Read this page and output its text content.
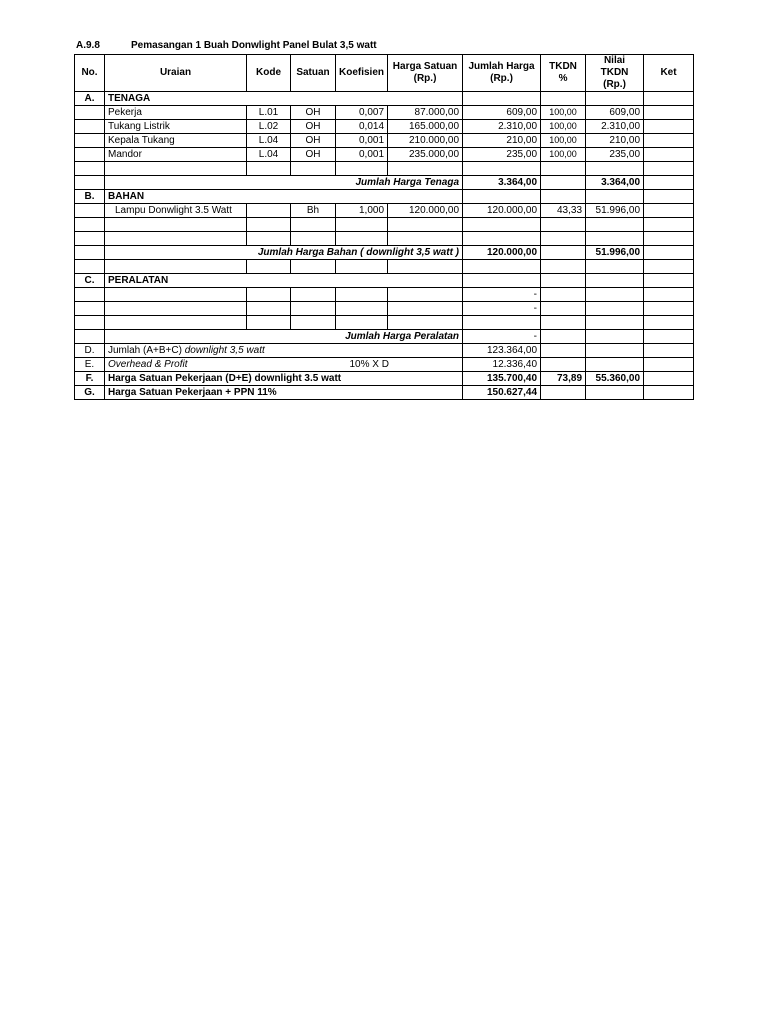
A.9.8	Pemasangan 1 Buah Donwlight Panel Bulat 3,5 watt
No.	Uraian	Kode	Satuan	Koefisien	Harga Satuan (Rp.)	Jumlah Harga (Rp.)	TKDN %	Nilai TKDN (Rp.)	Ket
A.	TENAGA								
	Pekerja	L.01	OH	0,007	87.000,00	609,00	100,00	609,00	
	Tukang Listrik	L.02	OH	0,014	165.000,00	2.310,00	100,00	2.310,00	
	Kepala Tukang	L.04	OH	0,001	210.000,00	210,00	100,00	210,00	
	Mandor	L.04	OH	0,001	235.000,00	235,00	100,00	235,00	

	Jumlah Harga Tenaga					3.364,00		3.364,00	
B.	BAHAN								
	Lampu Donwlight 3.5 Watt		Bh	1,000	120.000,00	120.000,00	43,33	51.996,00	

	Jumlah Harga Bahan ( downlight 3,5 watt )					120.000,00		51.996,00	

C.	PERALATAN								
						-			
						-			

	Jumlah Harga Peralatan					-			
D.	Jumlah (A+B+C) downlight 3,5 watt					123.364,00			
E.	Overhead & Profit			10% X D		12.336,40			
F.	Harga Satuan Pekerjaan (D+E) downlight 3.5 watt					135.700,40	73,89	55.360,00	
G.	Harga Satuan Pekerjaan + PPN 11%					150.627,44			
